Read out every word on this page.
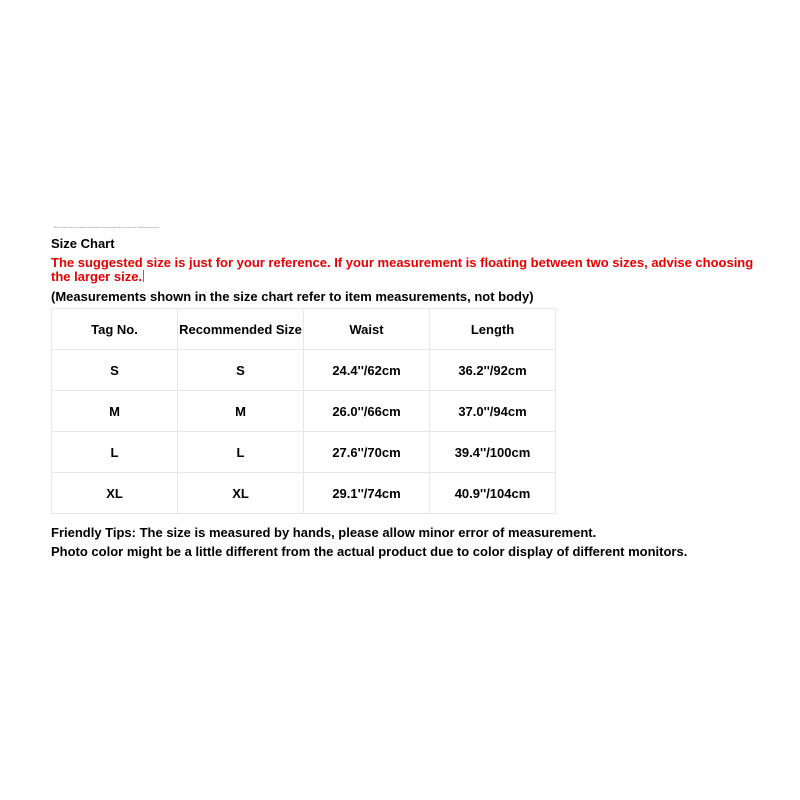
Model: w/ Back is the actual outfitting of the model in the picture/listing, fabric is stretch cotton / Model Information here
Size Chart
The suggested size is just for your reference. If your measurement is floating between two sizes, advise choosing the larger size.
(Measurements shown in the size chart refer to item measurements, not body)
Tag No.	Recommended Size	Waist	Length
S	S	24.4''/62cm	36.2''/92cm
M	M	26.0''/66cm	37.0''/94cm
L	L	27.6''/70cm	39.4''/100cm
XL	XL	29.1''/74cm	40.9''/104cm
Friendly Tips: The size is measured by hands, please allow minor error of measurement.
Photo color might be a little different from the actual product due to color display of different monitors.
